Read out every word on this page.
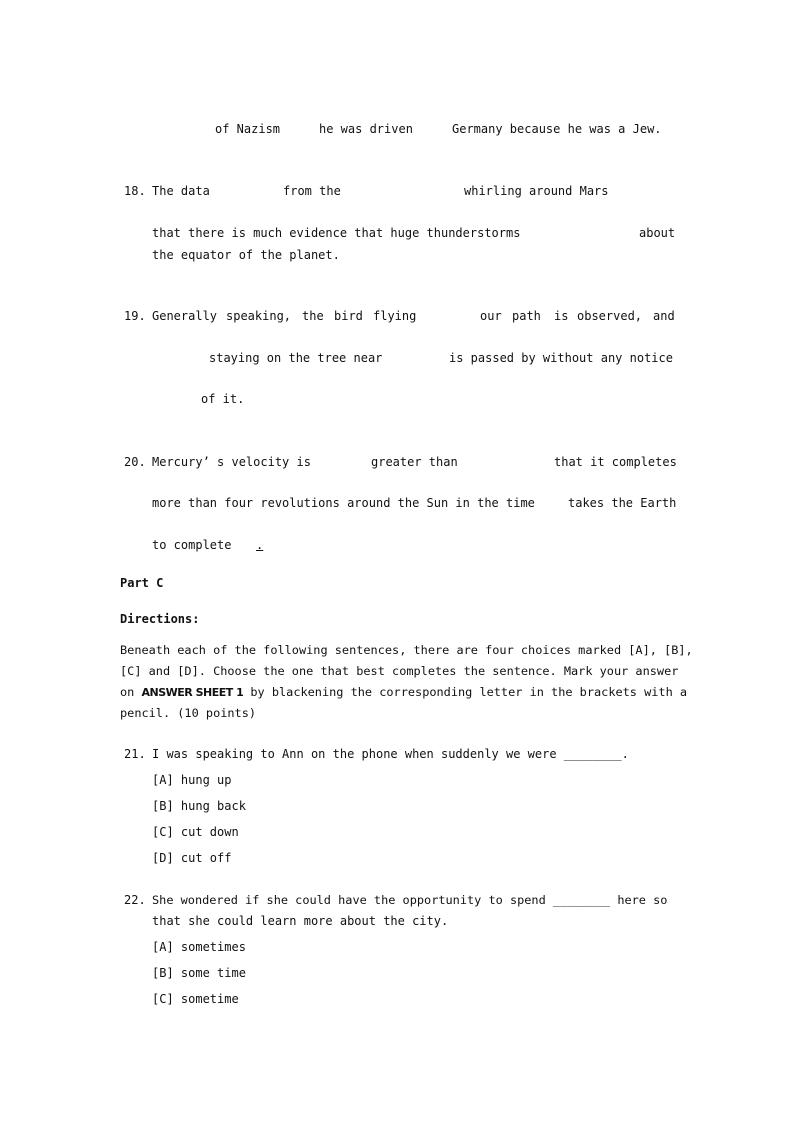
of Nazism	he was driven	Germany because he was a Jew.
18. The data	from the	whirling around Mars
that there is much evidence that huge thunderstorms	about
the equator of the planet.
19. Generally speaking, the bird flying	our path is observed, and
staying on the tree near	is passed by without any notice
of it.
20. Mercury’ s velocity is	greater than	that it completes
more than four revolutions around the Sun in the time	takes the Earth
to complete .
Part C
Directions:
Beneath each of the following sentences, there are four choices marked [A], [B],
[C] and [D]. Choose the one that best completes the sentence. Mark your answer
on ANSWER SHEET 1 by blackening the corresponding letter in the brackets with a
pencil. (10 points)
21. I was speaking to Ann on the phone when suddenly we were ________.
[A] hung up
[B] hung back
[C] cut down
[D] cut off
22. She wondered if she could have the opportunity to spend ________ here so
that she could learn more about the city.
[A] sometimes
[B] some time
[C] sometime
